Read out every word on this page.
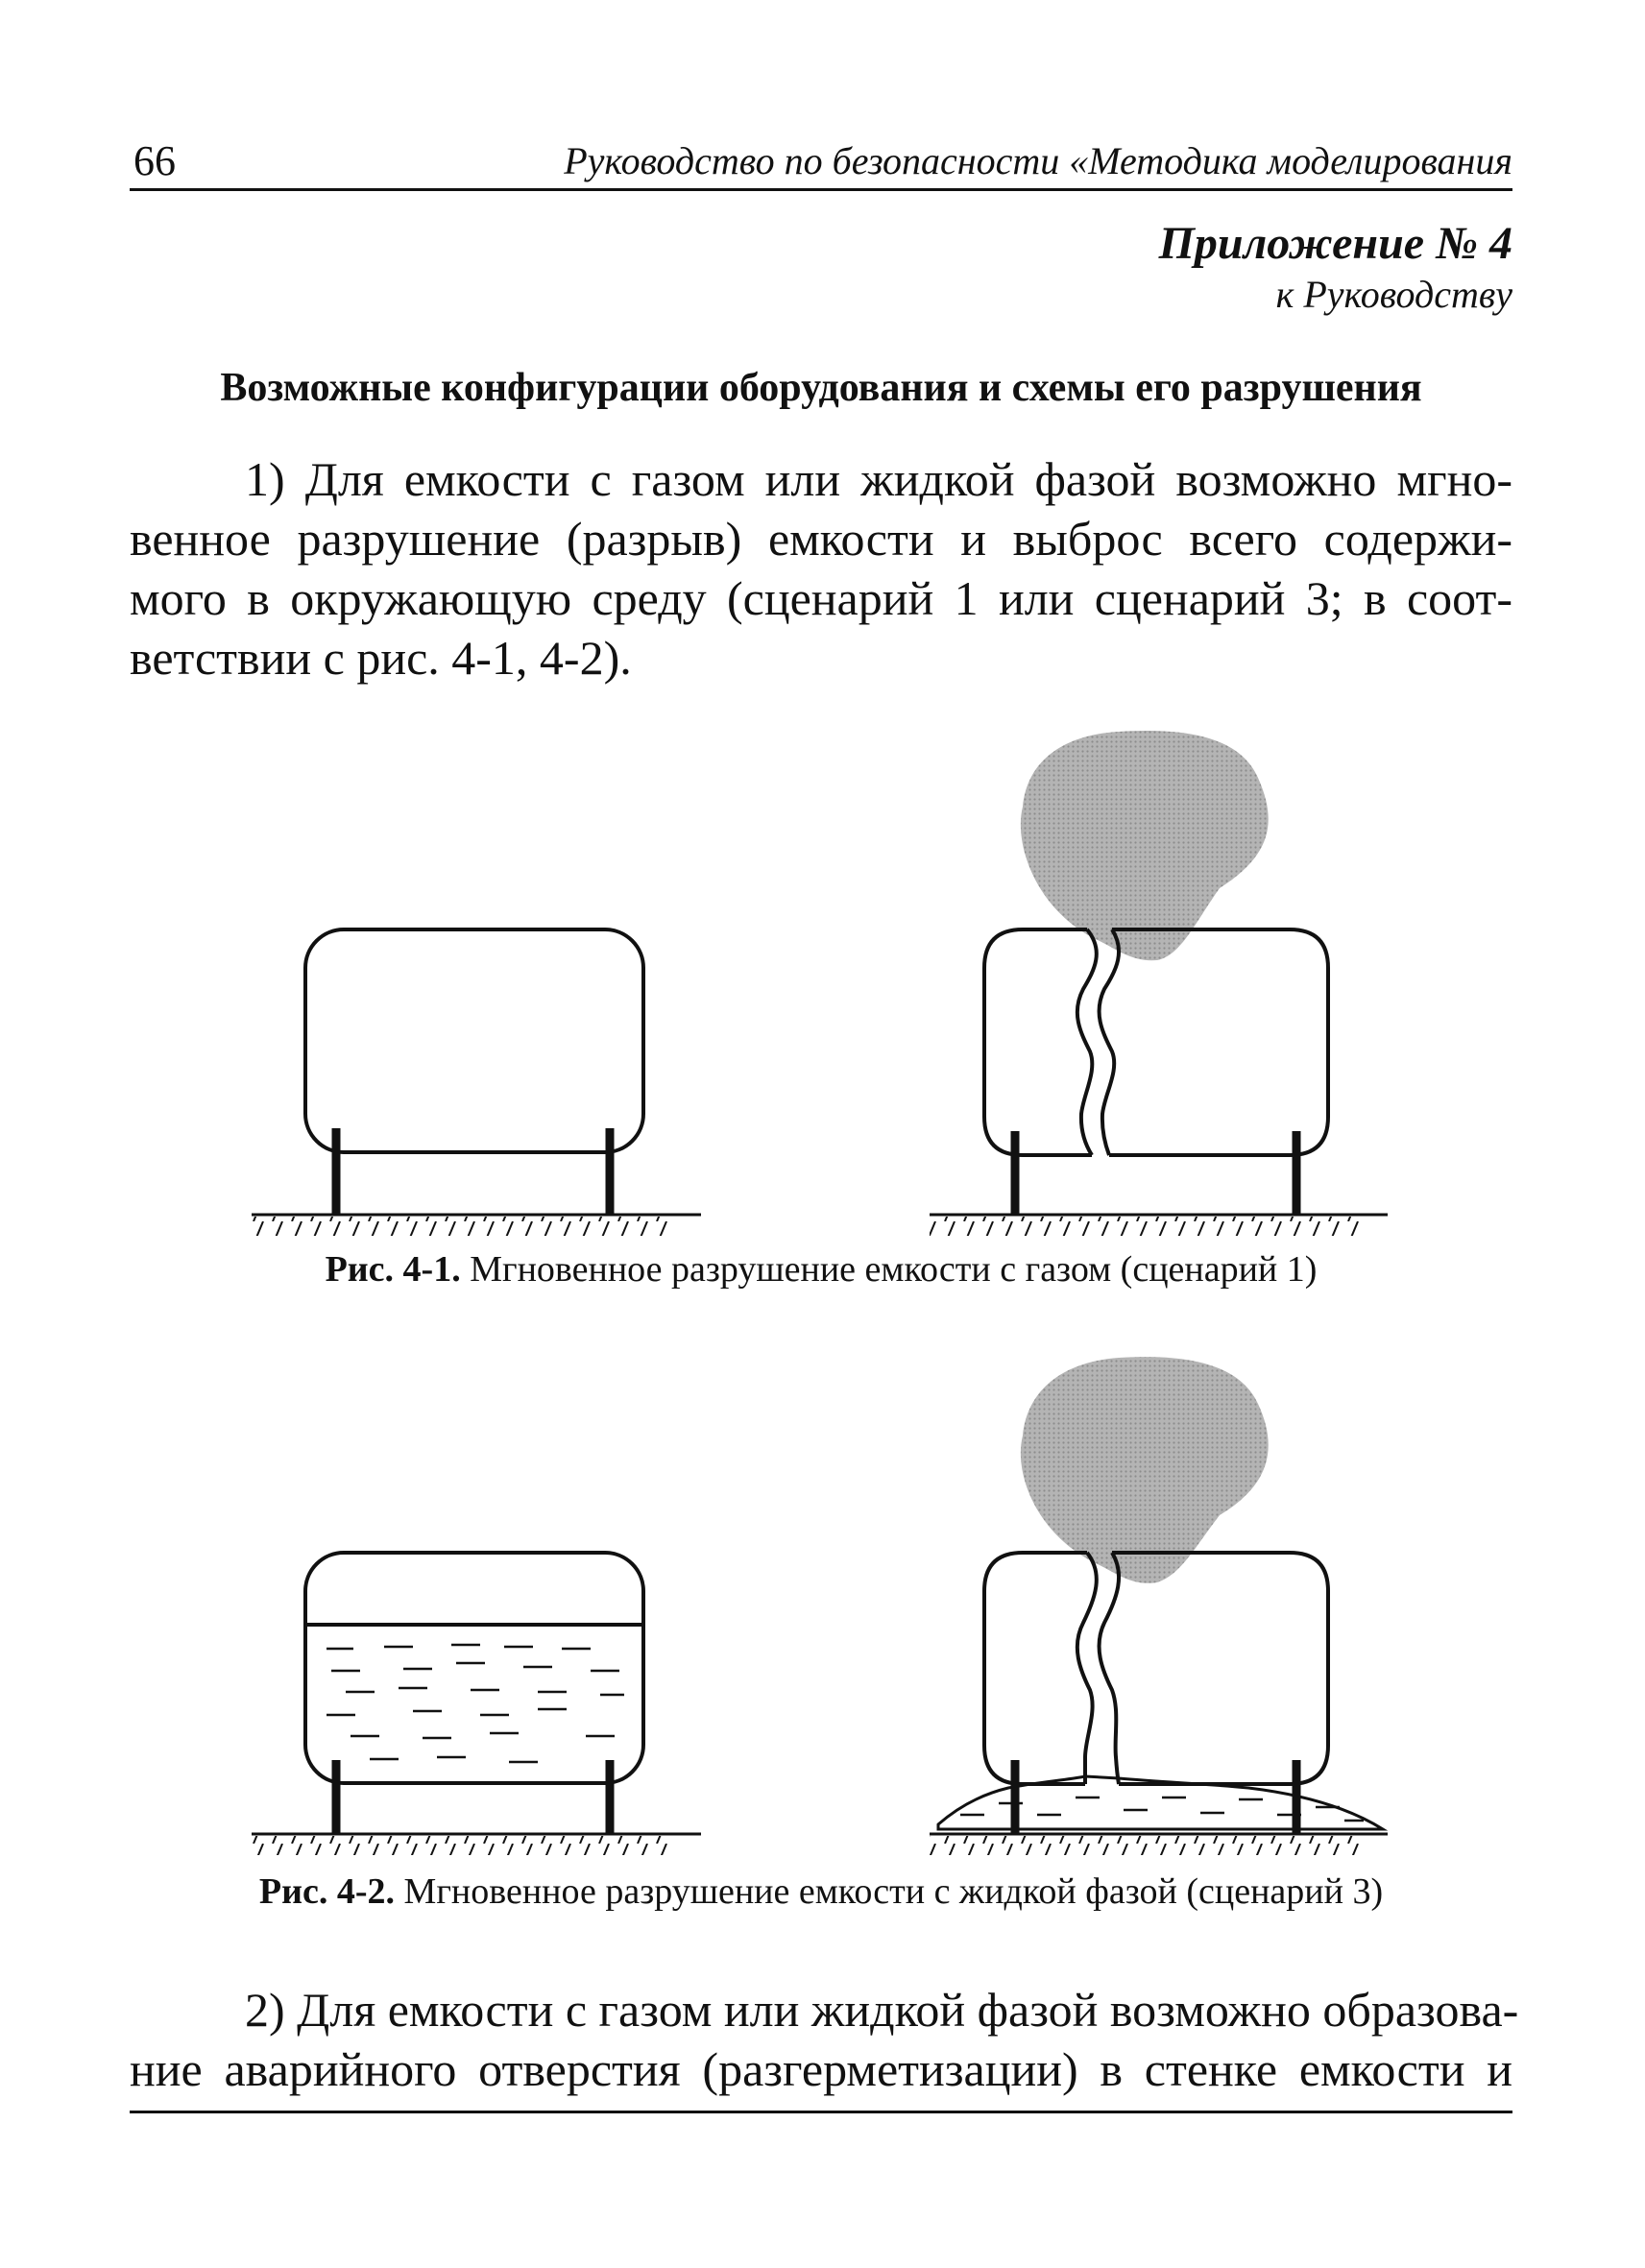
66	Руководство по безопасности «Методика моделирования
Приложение № 4
к Руководству
Возможные конфигурации оборудования и схемы его разрушения

1) Для емкости с газом или жидкой фазой возможно мгно-
венное разрушение (разрыв) емкости и выброс всего содержи-
мого в окружающую среду (сценарий 1 или сценарий 3; в соот-
ветствии с рис. 4-1, 4-2).

Рис. 4-1. Мгновенное разрушение емкости с газом (сценарий 1)
Рис. 4-2. Мгновенное разрушение емкости с жидкой фазой (сценарий 3)

2) Для емкости с газом или жидкой фазой возможно образова-
ние аварийного отверстия (разгерметизации) в стенке емкости и
